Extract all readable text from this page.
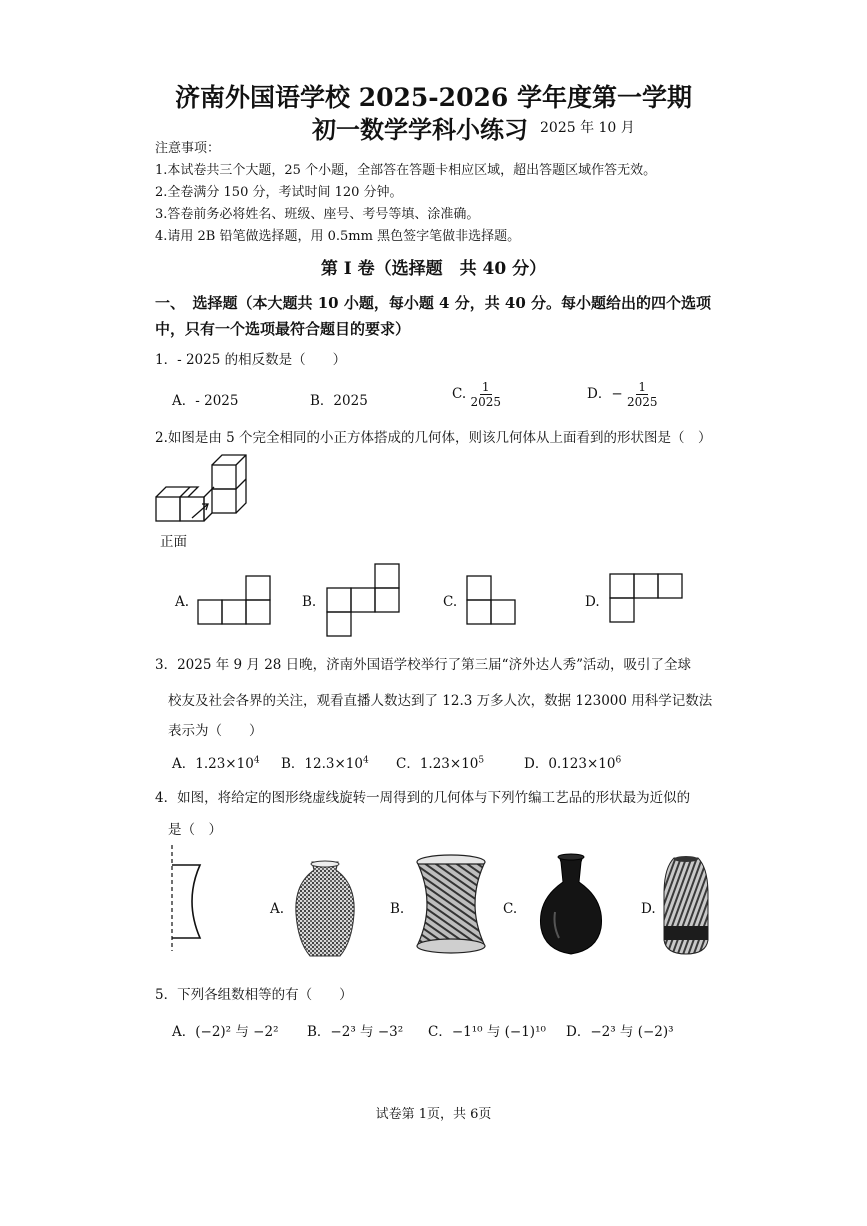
济南外国语学校 2025-2026 学年度第一学期
初一数学学科小练习 2025 年 10 月
注意事项：
1.本试卷共三个大题，25 个小题，全部答在答题卡相应区域，超出答题区域作答无效。
2.全卷满分 150 分，考试时间 120 分钟。
3.答卷前务必将姓名、班级、座号、考号等填、涂准确。
4.请用 2B 铅笔做选择题，用 0.5mm 黑色签字笔做非选择题。
第 I 卷（选择题　共 40 分）
一、　选择题（本大题共 10 小题，每小题 4 分，共 40 分。每小题给出的四个选项中，只有一个选项最符合题目的要求）
1．- 2025 的相反数是（　　）
A．- 2025	B．2025	C. $\frac{1}{2025}$	D．− $\frac{1}{2025}$
2.如图是由 5 个完全相同的小正方体搭成的几何体，则该几何体从上面看到的形状图是（　）
正面
A.	B.	C.	D.
3．2025 年 9 月 28 日晚，济南外国语学校举行了第三届“济外达人秀”活动，吸引了全球
校友及社会各界的关注，观看直播人数达到了 12.3 万多人次，数据 123000 用科学记数法
表示为（　　）
A．$1.23\times 10^4$ B．$12.3\times 10^4$ C．$1.23\times 10^5$	D．$0.123\times 10^6$
4．如图，将给定的图形绕虚线旋转一周得到的几何体与下列竹编工艺品的形状最为近似的
是（　）
A.	B.	C.	D.
5．下列各组数相等的有（　　）
A．(−2)² 与 −2² B．−2³ 与 −3² C．−1¹⁰ 与 (−1)¹⁰ D．−2³ 与 (−2)³
试卷第 1页，共 6页
